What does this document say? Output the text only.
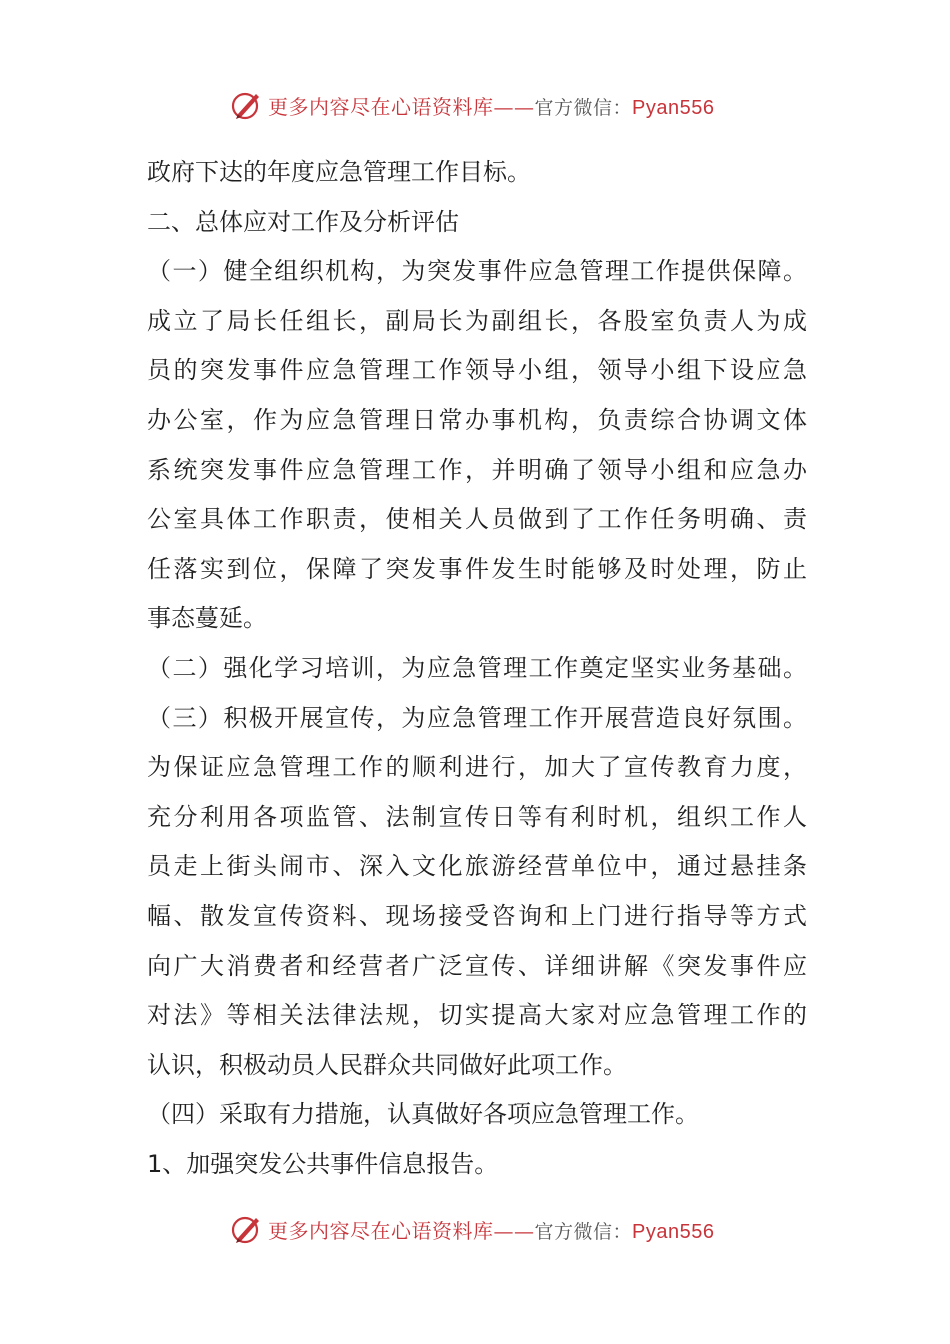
更多内容尽在心语资料库——官方微信：Pyan556
政府下达的年度应急管理工作目标。
二、总体应对工作及分析评估
（一）健全组织机构，为突发事件应急管理工作提供保障。
成立了局长任组长，副局长为副组长，各股室负责人为成
员的突发事件应急管理工作领导小组，领导小组下设应急
办公室，作为应急管理日常办事机构，负责综合协调文体
系统突发事件应急管理工作，并明确了领导小组和应急办
公室具体工作职责，使相关人员做到了工作任务明确、责
任落实到位，保障了突发事件发生时能够及时处理，防止
事态蔓延。
（二）强化学习培训，为应急管理工作奠定坚实业务基础。
（三）积极开展宣传，为应急管理工作开展营造良好氛围。
为保证应急管理工作的顺利进行，加大了宣传教育力度，
充分利用各项监管、法制宣传日等有利时机，组织工作人
员走上街头闹市、深入文化旅游经营单位中，通过悬挂条
幅、散发宣传资料、现场接受咨询和上门进行指导等方式
向广大消费者和经营者广泛宣传、详细讲解《突发事件应
对法》等相关法律法规，切实提高大家对应急管理工作的
认识，积极动员人民群众共同做好此项工作。
（四）采取有力措施，认真做好各项应急管理工作。
1、加强突发公共事件信息报告。
更多内容尽在心语资料库——官方微信：Pyan556
